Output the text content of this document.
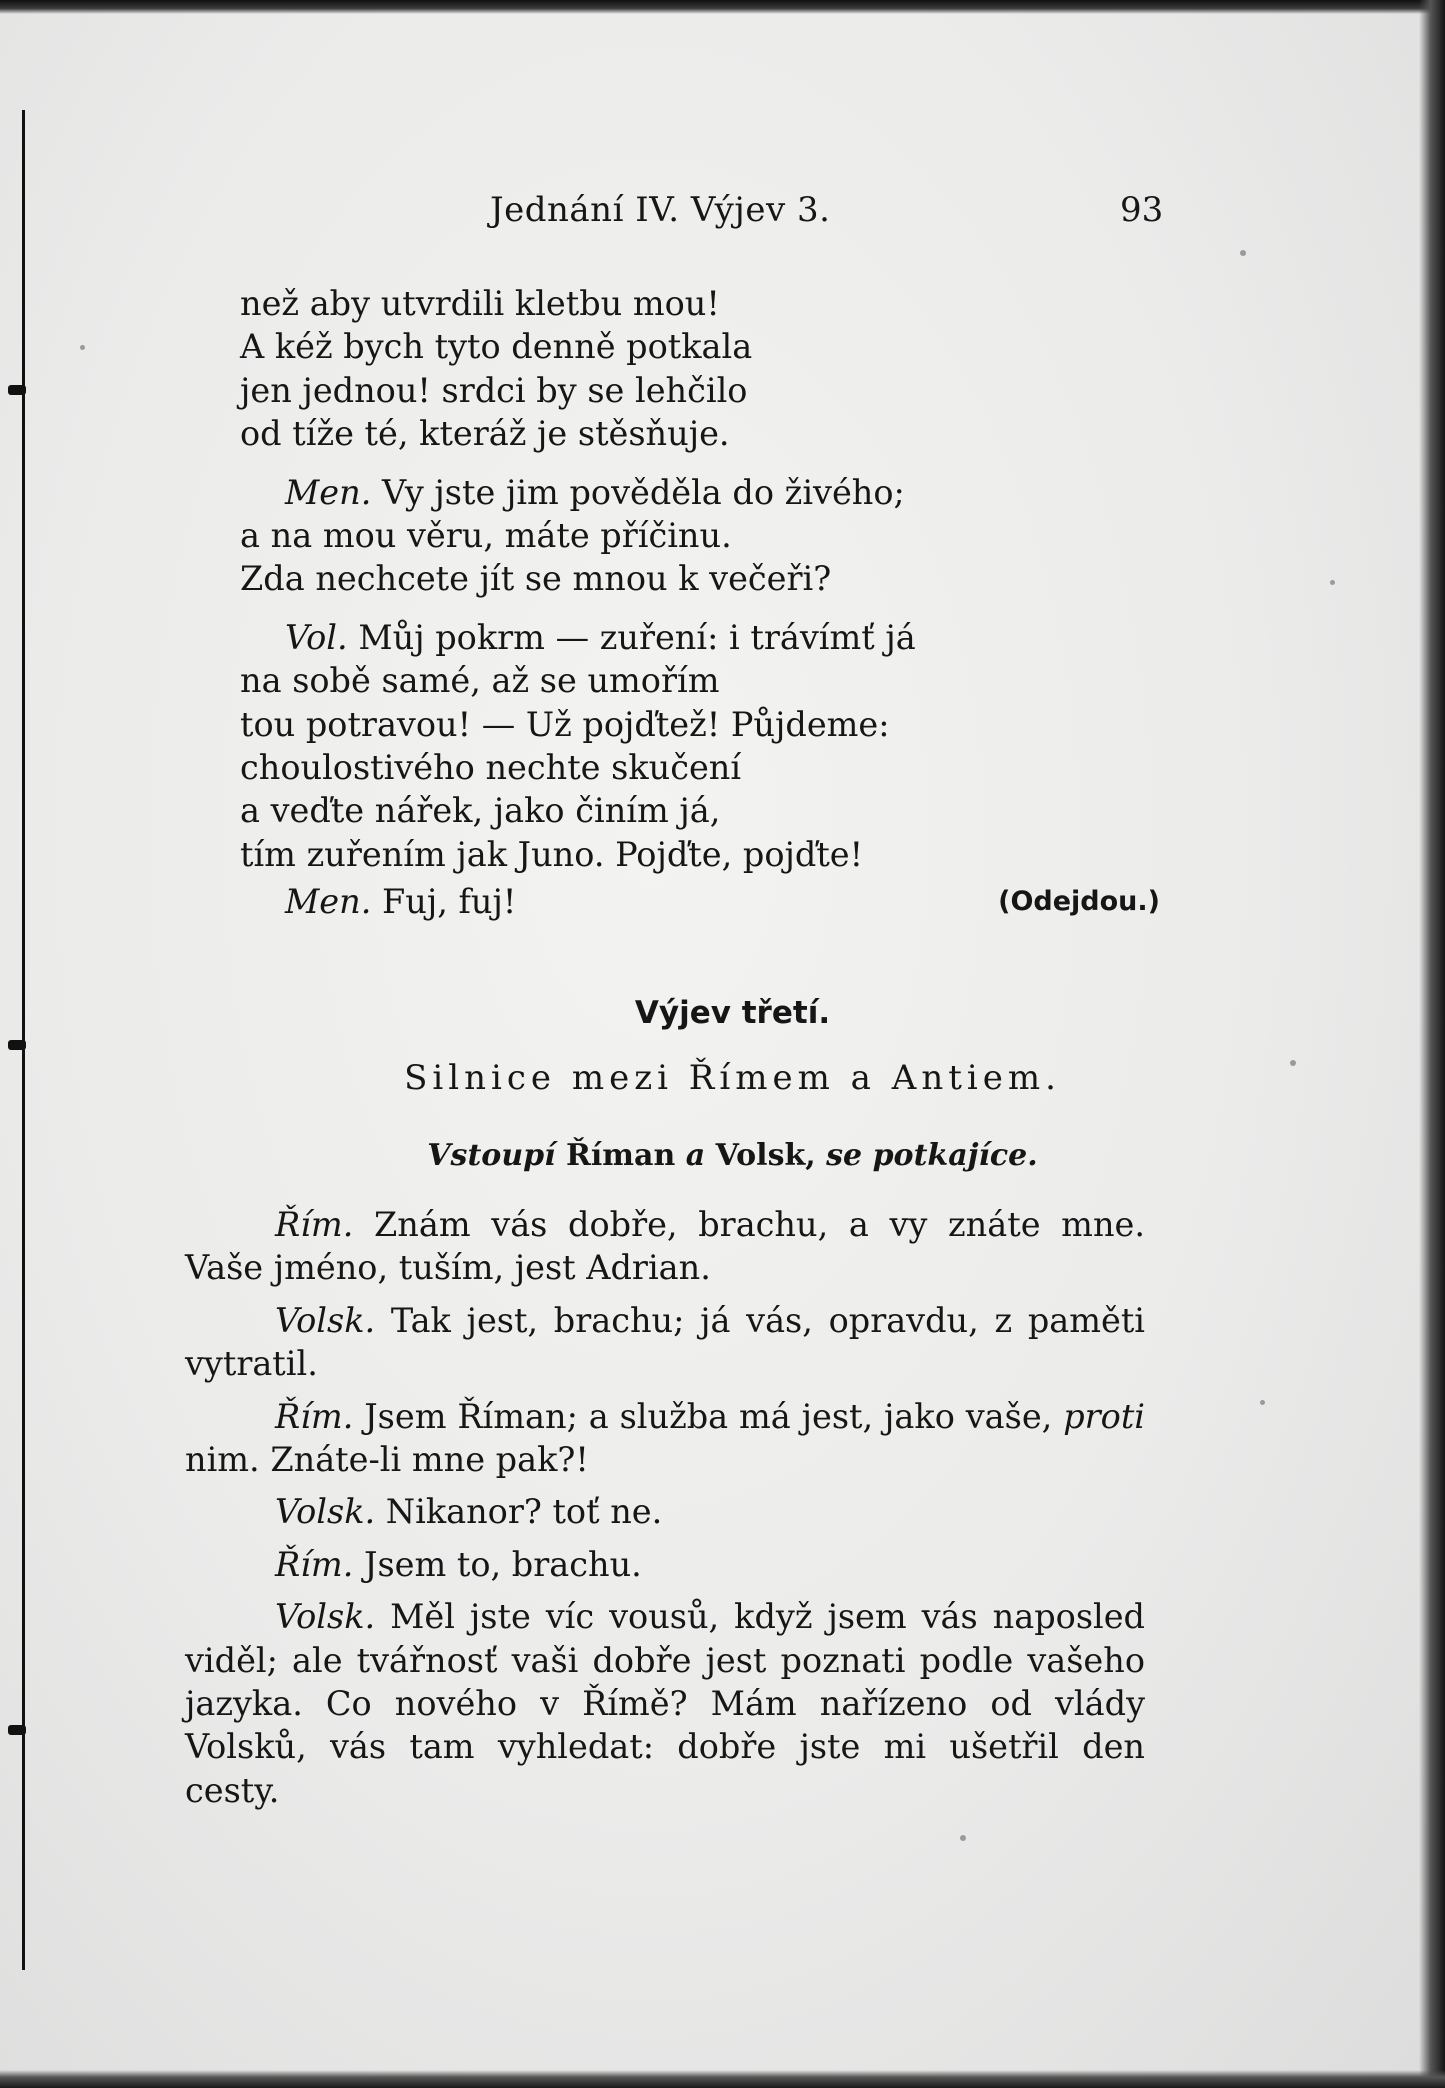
Jednání IV. Výjev 3.	93
než aby utvrdili kletbu mou!
A kéž bych tyto denně potkala
jen jednou! srdci by se lehčilo
od tíže té, kteráž je stěsňuje.
Men. Vy jste jim pověděla do živého;
a na mou věru, máte příčinu.
Zda nechcete jít se mnou k večeři?
Vol. Můj pokrm — zuření: i trávímť já
na sobě samé, až se umořím
tou potravou! — Už pojďtež! Půjdeme:
choulostivého nechte skučení
a veďte nářek, jako činím já,
tím zuřením jak Juno. Pojďte, pojďte!
Men. Fuj, fuj!	(Odejdou.)
Výjev třetí.
Silnice mezi Římem a Antiem.
Vstoupí Říman a Volsk, se potkajíce.

Řím. Znám vás dobře, brachu, a vy znáte mne. Vaše jméno, tuším, jest Adrian.

Volsk. Tak jest, brachu; já vás, opravdu, z paměti vytratil.

Řím. Jsem Říman; a služba má jest, jako vaše, proti nim. Znáte-li mne pak?!

Volsk. Nikanor? toť ne.

Řím. Jsem to, brachu.

Volsk. Měl jste víc vousů, když jsem vás naposled viděl; ale tvářnosť vaši dobře jest poznati podle vašeho jazyka. Co nového v Římě? Mám nařízeno od vlády Volsků, vás tam vyhledat: dobře jste mi ušetřil den cesty.
